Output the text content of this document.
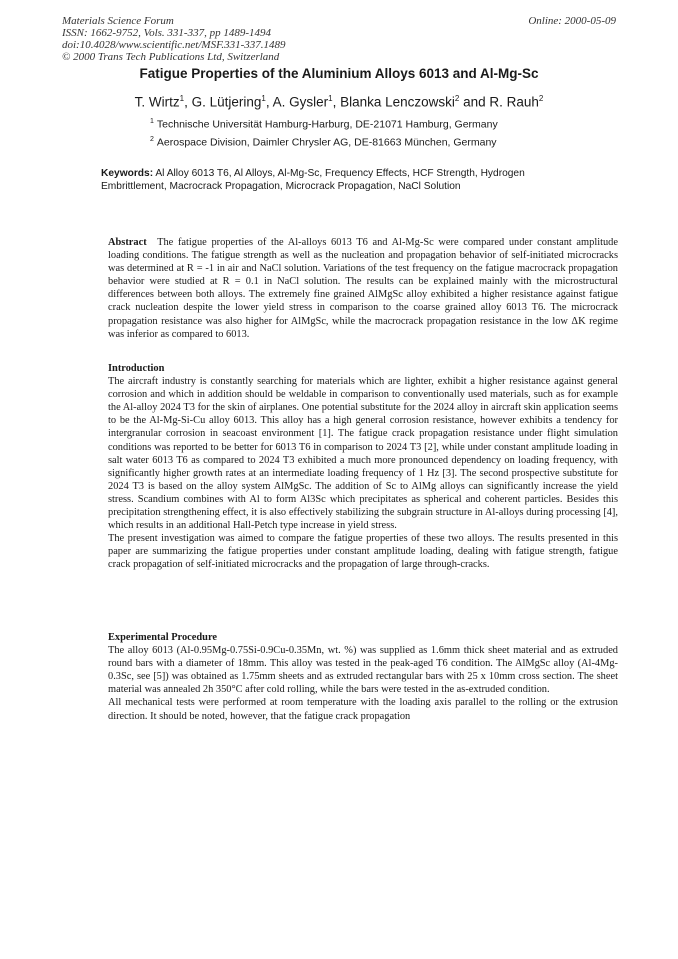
Materials Science Forum
ISSN: 1662-9752, Vols. 331-337, pp 1489-1494
doi:10.4028/www.scientific.net/MSF.331-337.1489
© 2000 Trans Tech Publications Ltd, Switzerland
Online: 2000-05-09
Fatigue Properties of the Aluminium Alloys 6013 and Al-Mg-Sc
T. Wirtz$^1$, G. Lütjering$^1$, A. Gysler$^1$, Blanka Lenczowski$^2$ and R. Rauh$^2$
$^1$ Technische Universität Hamburg-Harburg, DE-21071 Hamburg, Germany
$^2$ Aerospace Division, Daimler Chrysler AG, DE-81663 München, Germany
Keywords: Al Alloy 6013 T6, Al Alloys, Al-Mg-Sc, Frequency Effects, HCF Strength, Hydrogen Embrittlement, Macrocrack Propagation, Microcrack Propagation, NaCl Solution
Abstract The fatigue properties of the Al-alloys 6013 T6 and Al-Mg-Sc were compared under constant amplitude loading conditions. The fatigue strength as well as the nucleation and propagation behavior of self-initiated microcracks was determined at R = -1 in air and NaCl solution. Variations of the test frequency on the fatigue macrocrack propagation behavior were studied at R = 0.1 in NaCl solution. The results can be explained mainly with the microstructural differences between both alloys. The extremely fine grained AlMgSc alloy exhibited a higher resistance against fatigue crack nucleation despite the lower yield stress in comparison to the coarse grained alloy 6013 T6. The microcrack propagation resistance was also higher for AlMgSc, while the macrocrack propagation resistance in the low ΔK regime was inferior as compared to 6013.
Introduction

The aircraft industry is constantly searching for materials which are lighter, exhibit a higher resistance against general corrosion and which in addition should be weldable in comparison to conventionally used materials, such as for example the Al-alloy 2024 T3 for the skin of airplanes. One potential substitute for the 2024 alloy in aircraft skin application seems to be the Al-Mg-Si-Cu alloy 6013. This alloy has a high general corrosion resistance, however exhibits a tendency for intergranular corrosion in seacoast environment [1]. The fatigue crack propagation resistance under flight simulation conditions was reported to be better for 6013 T6 in comparison to 2024 T3 [2], while under constant amplitude loading in salt water 6013 T6 as compared to 2024 T3 exhibited a much more pronounced dependency on loading frequency, with significantly higher growth rates at an intermediate loading frequency of 1 Hz [3]. The second prospective substitute for 2024 T3 is based on the alloy system AlMgSc. The addition of Sc to AlMg alloys can significantly increase the yield stress. Scandium combines with Al to form Al3Sc which precipitates as spherical and coherent particles. Besides this precipitation strengthening effect, it is also effectively stabilizing the subgrain structure in Al-alloys during processing [4], which results in an additional Hall-Petch type increase in yield stress.

The present investigation was aimed to compare the fatigue properties of these two alloys. The results presented in this paper are summarizing the fatigue properties under constant amplitude loading, dealing with fatigue strength, fatigue crack propagation of self-initiated microcracks and the propagation of large through-cracks.

Experimental Procedure

The alloy 6013 (Al-0.95Mg-0.75Si-0.9Cu-0.35Mn, wt. %) was supplied as 1.6mm thick sheet material and as extruded round bars with a diameter of 18mm. This alloy was tested in the peak-aged T6 condition. The AlMgSc alloy (Al-4Mg-0.3Sc, see [5]) was obtained as 1.75mm sheets and as extruded rectangular bars with 25 x 10mm cross section. The sheet material was annealed 2h 350°C after cold rolling, while the bars were tested in the as-extruded condition.

All mechanical tests were performed at room temperature with the loading axis parallel to the rolling or the extrusion direction. It should be noted, however, that the fatigue crack propagation
